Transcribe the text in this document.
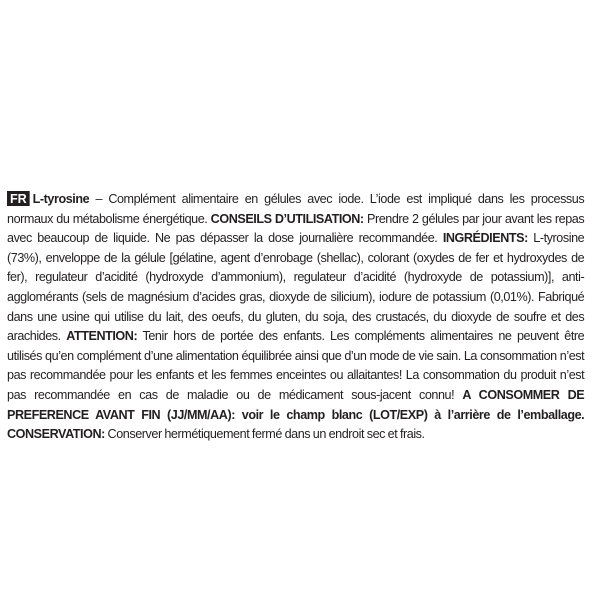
FR L-tyrosine – Complément alimentaire en gélules avec iode. L’iode est impliqué dans les processus normaux du métabolisme énergétique. CONSEILS D’UTILISATION: Prendre 2 gélules par jour avant les repas avec beaucoup de liquide. Ne pas dépasser la dose journalière recommandée. INGRÉDIENTS: L-tyrosine (73%), enveloppe de la gélule [gélatine, agent d’enrobage (shellac), colorant (oxydes de fer et hydroxydes de fer), regulateur d’acidité (hydroxyde d’ammonium), regulateur d’acidité (hydroxyde de potassium)], anti-agglomérants (sels de magnésium d’acides gras, dioxyde de silicium), iodure de potassium (0,01%). Fabriqué dans une usine qui utilise du lait, des oeufs, du gluten, du soja, des crustacés, du dioxyde de soufre et des arachides. ATTENTION: Tenir hors de portée des enfants. Les compléments alimentaires ne peuvent être utilisés qu’en complément d’une alimentation équilibrée ainsi que d’un mode de vie sain. La consommation n’est pas recommandée pour les enfants et les femmes enceintes ou allaitantes! La consommation du produit n’est pas recommandée en cas de maladie ou de médicament sous-jacent connu! A CONSOMMER DE PREFERENCE AVANT FIN (JJ/MM/AA): voir le champ blanc (LOT/EXP) à l’arrière de l’emballage. CONSERVATION: Conserver hermétiquement fermé dans un endroit sec et frais.
